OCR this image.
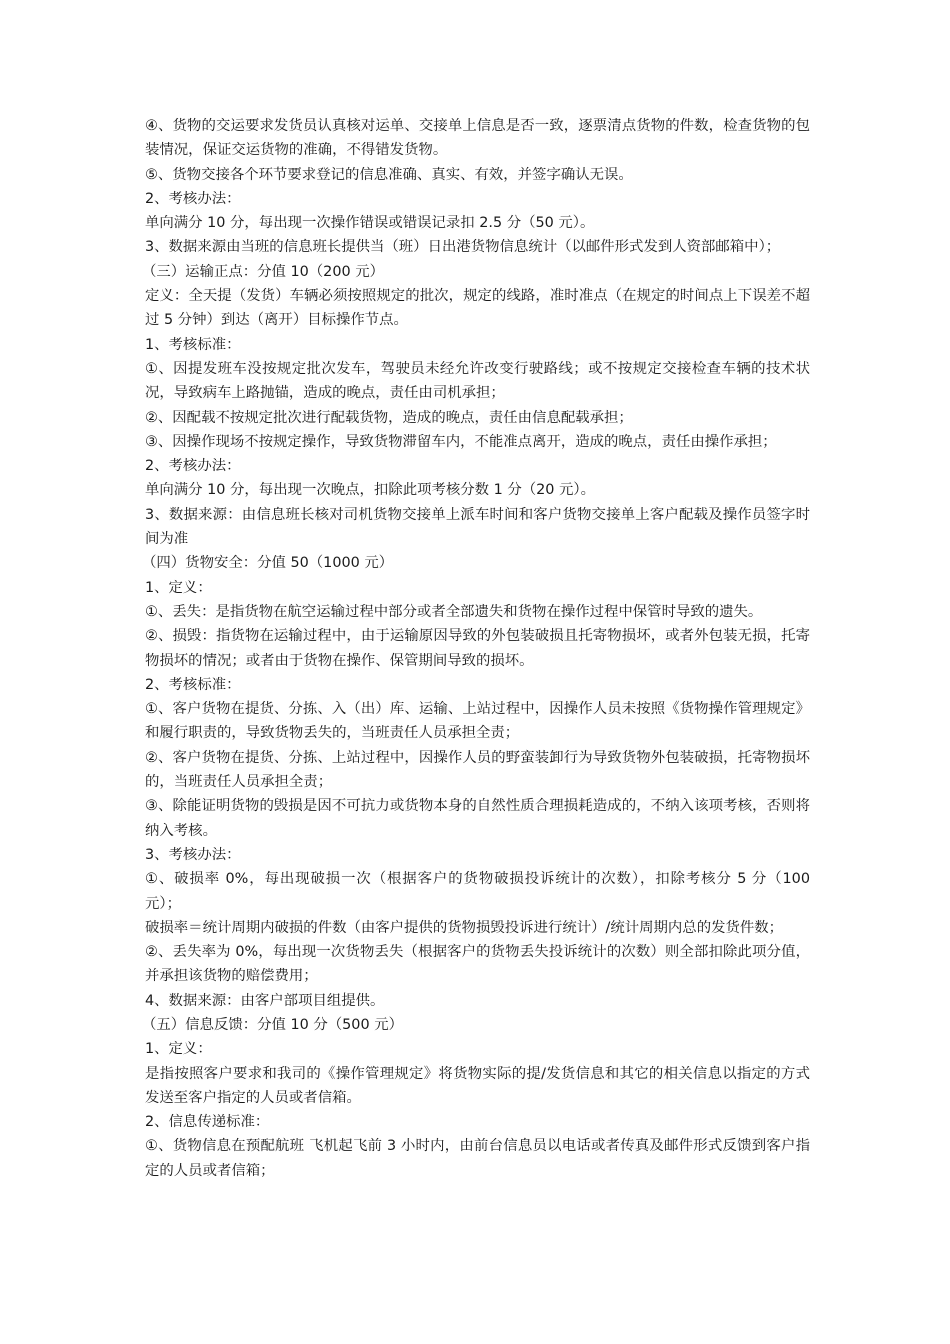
④、货物的交运要求发货员认真核对运单、交接单上信息是否一致，逐票清点货物的件数，检查货物的包装情况，保证交运货物的准确，不得错发货物。

⑤、货物交接各个环节要求登记的信息准确、真实、有效，并签字确认无误。

2、考核办法：

单向满分 10 分，每出现一次操作错误或错误记录扣 2.5 分（50 元）。

3、数据来源由当班的信息班长提供当（班）日出港货物信息统计（以邮件形式发到人资部邮箱中）；

（三）运输正点：分值 10（200 元）

定义：全天提（发货）车辆必须按照规定的批次，规定的线路，准时准点（在规定的时间点上下误差不超过 5 分钟）到达（离开）目标操作节点。

1、考核标准：

①、因提发班车没按规定批次发车，驾驶员未经允许改变行驶路线；或不按规定交接检查车辆的技术状况，导致病车上路抛锚，造成的晚点，责任由司机承担；

②、因配载不按规定批次进行配载货物，造成的晚点，责任由信息配载承担；

③、因操作现场不按规定操作，导致货物滞留车内，不能准点离开，造成的晚点，责任由操作承担；

2、考核办法：

单向满分 10 分，每出现一次晚点，扣除此项考核分数 1 分（20 元）。

3、数据来源：由信息班长核对司机货物交接单上派车时间和客户货物交接单上客户配载及操作员签字时间为准

（四）货物安全：分值 50（1000 元）

1、定义：

①、丢失：是指货物在航空运输过程中部分或者全部遗失和货物在操作过程中保管时导致的遗失。

②、损毁：指货物在运输过程中，由于运输原因导致的外包装破损且托寄物损坏，或者外包装无损，托寄物损坏的情况；或者由于货物在操作、保管期间导致的损坏。

2、考核标准：

①、客户货物在提货、分拣、入（出）库、运输、上站过程中，因操作人员未按照《货物操作管理规定》和履行职责的，导致货物丢失的，当班责任人员承担全责；

②、客户货物在提货、分拣、上站过程中，因操作人员的野蛮装卸行为导致货物外包装破损，托寄物损坏的，当班责任人员承担全责；

③、除能证明货物的毁损是因不可抗力或货物本身的自然性质合理损耗造成的，不纳入该项考核，否则将纳入考核。

3、考核办法：

①、破损率 0%，每出现破损一次（根据客户的货物破损投诉统计的次数），扣除考核分 5 分（100 元）；

破损率＝统计周期内破损的件数（由客户提供的货物损毁投诉进行统计）/统计周期内总的发货件数；

②、丢失率为 0%，每出现一次货物丢失（根据客户的货物丢失投诉统计的次数）则全部扣除此项分值，并承担该货物的赔偿费用；

4、数据来源：由客户部项目组提供。

（五）信息反馈：分值 10 分（500 元）

1、定义：

是指按照客户要求和我司的《操作管理规定》将货物实际的提/发货信息和其它的相关信息以指定的方式发送至客户指定的人员或者信箱。

2、信息传递标准：

①、货物信息在预配航班 飞机起飞前 3 小时内，由前台信息员以电话或者传真及邮件形式反馈到客户指定的人员或者信箱；
